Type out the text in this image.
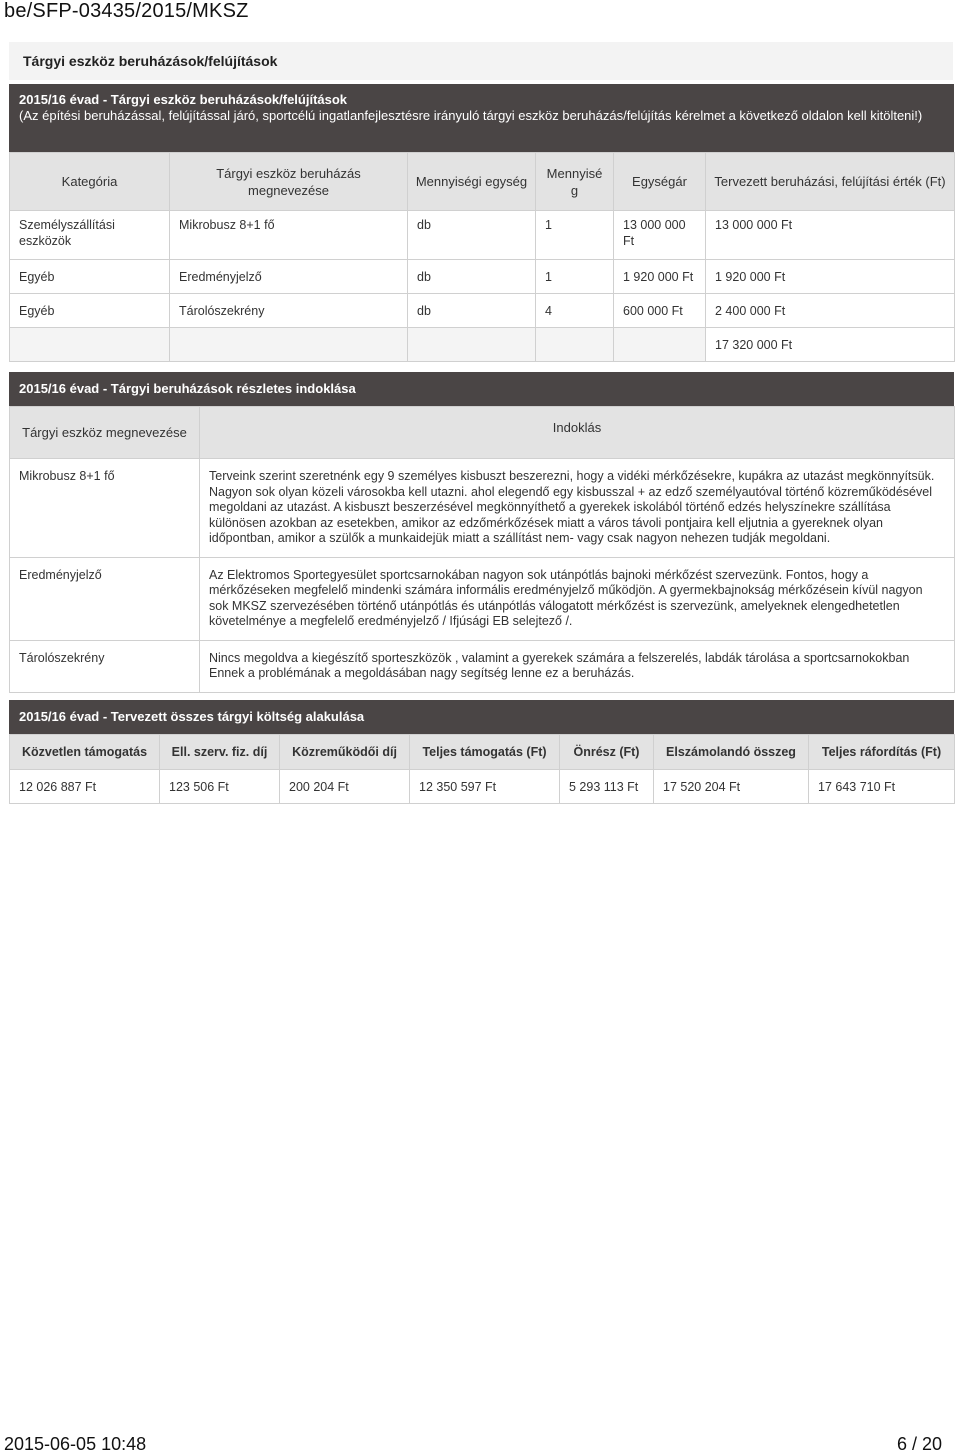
be/SFP-03435/2015/MKSZ
Tárgyi eszköz beruházások/felújítások
2015/16 évad - Tárgyi eszköz beruházások/felújítások
(Az építési beruházással, felújítással járó, sportcélú ingatlanfejlesztésre irányuló tárgyi eszköz beruházás/felújítás kérelmet a következő oldalon kell kitölteni!)
Kategória	Tárgyi eszköz beruházás megnevezése	Mennyiségi egység	Mennyisé g	Egységár	Tervezett beruházási, felújítási érték (Ft)
Személyszállítási eszközök	Mikrobusz 8+1 fő	db	1	13 000 000 Ft	13 000 000 Ft
Egyéb	Eredményjelző	db	1	1 920 000 Ft	1 920 000 Ft
Egyéb	Tárolószekrény	db	4	600 000 Ft	2 400 000 Ft
					17 320 000 Ft
2015/16 évad - Tárgyi beruházások részletes indoklása
Tárgyi eszköz megnevezése	Indoklás
Mikrobusz 8+1 fő	Terveink szerint szeretnénk egy 9 személyes kisbuszt beszerezni, hogy a vidéki mérkőzésekre, kupákra az utazást megkönnyítsük. Nagyon sok olyan közeli városokba kell utazni. ahol elegendő egy kisbusszal + az edző személyautóval történő közreműködésével megoldani az utazást. A kisbuszt beszerzésével megkönnyíthető a gyerekek iskolából történő edzés helyszínekre szállítása különösen azokban az esetekben, amikor az edzőmérkőzések miatt a város távoli pontjaira kell eljutnia a gyereknek olyan időpontban, amikor a szülők a munkaidejük miatt a szállítást nem- vagy csak nagyon nehezen tudják megoldani.
Eredményjelző	Az Elektromos Sportegyesület sportcsarnokában nagyon sok utánpótlás bajnoki mérkőzést szervezünk. Fontos, hogy a mérkőzéseken megfelelő mindenki számára informális eredményjelző működjön. A gyermekbajnokság mérkőzésein kívül nagyon sok MKSZ szervezésében történő utánpótlás és utánpótlás válogatott mérkőzést is szervezünk, amelyeknek elengedhetetlen követelménye a megfelelő eredményjelző / Ifjúsági EB selejtező /.
Tárolószekrény	Nincs megoldva a kiegészítő sporteszközök , valamint a gyerekek számára a felszerelés, labdák tárolása a sportcsarnokokban Ennek a problémának a megoldásában nagy segítség lenne ez a beruházás.
2015/16 évad - Tervezett összes tárgyi költség alakulása
Közvetlen támogatás	Ell. szerv. fiz. díj	Közreműködői díj	Teljes támogatás (Ft)	Önrész (Ft)	Elszámolandó összeg	Teljes ráfordítás (Ft)
12 026 887 Ft	123 506 Ft	200 204 Ft	12 350 597 Ft	5 293 113 Ft	17 520 204 Ft	17 643 710 Ft
2015-06-05 10:48	6 / 20
